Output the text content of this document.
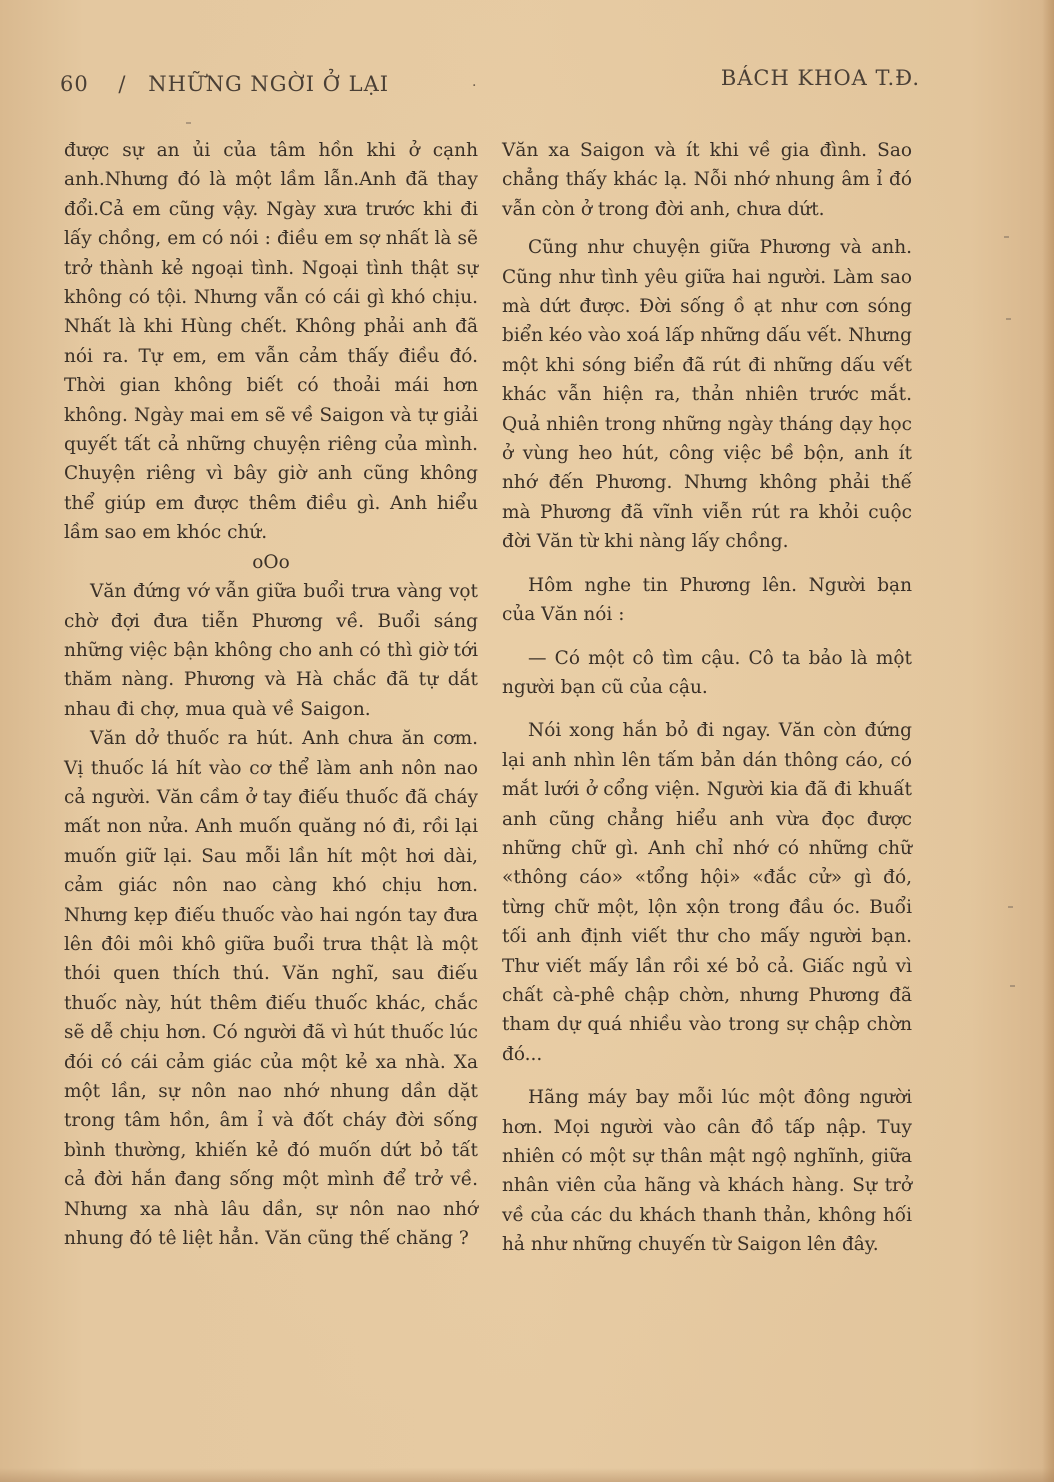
60 / NHỮNG NGỜI Ở LẠI	·	BÁCH KHOA T.Đ.

được sự an ủi của tâm hồn khi ở cạnh anh.Nhưng đó là một lầm lẫn.Anh đã thay đổi.Cả em cũng vậy. Ngày xưa trước khi đi lấy chồng, em có nói : điều em sợ nhất là sẽ trở thành kẻ ngoại tình. Ngoại tình thật sự không có tội. Nhưng vẫn có cái gì khó chịu. Nhất là khi Hùng chết. Không phải anh đã nói ra. Tự em, em vẫn cảm thấy điều đó. Thời gian không biết có thoải mái hơn không. Ngày mai em sẽ về Saigon và tự giải quyết tất cả những chuyện riêng của mình. Chuyện riêng vì bây giờ anh cũng không thể giúp em được thêm điều gì. Anh hiểu lầm sao em khóc chứ.

oOo

Văn đứng vớ vẫn giữa buổi trưa vàng vọt chờ đợi đưa tiễn Phương về. Buổi sáng những việc bận không cho anh có thì giờ tới thăm nàng. Phương và Hà chắc đã tự dắt nhau đi chợ, mua quà về Saigon.

Văn dở thuốc ra hút. Anh chưa ăn cơm. Vị thuốc lá hít vào cơ thể làm anh nôn nao cả người. Văn cầm ở tay điếu thuốc đã cháy mất non nửa. Anh muốn quăng nó đi, rồi lại muốn giữ lại. Sau mỗi lần hít một hơi dài, cảm giác nôn nao càng khó chịu hơn. Nhưng kẹp điếu thuốc vào hai ngón tay đưa lên đôi môi khô giữa buổi trưa thật là một thói quen thích thú. Văn nghĩ, sau điếu thuốc này, hút thêm điếu thuốc khác, chắc sẽ dễ chịu hơn. Có người đã vì hút thuốc lúc đói có cái cảm giác của một kẻ xa nhà. Xa một lần, sự nôn nao nhớ nhung dần dặt trong tâm hồn, âm ỉ và đốt cháy đời sống bình thường, khiến kẻ đó muốn dứt bỏ tất cả đời hắn đang sống một mình để trở về. Nhưng xa nhà lâu dần, sự nôn nao nhớ nhung đó tê liệt hẳn. Văn cũng thế chăng ?

Văn xa Saigon và ít khi về gia đình. Sao chẳng thấy khác lạ. Nỗi nhớ nhung âm ỉ đó vẫn còn ở trong đời anh, chưa dứt.

Cũng như chuyện giữa Phương và anh. Cũng như tình yêu giữa hai người. Làm sao mà dứt được. Đời sống ồ ạt như cơn sóng biển kéo vào xoá lấp những dấu vết. Nhưng một khi sóng biển đã rút đi những dấu vết khác vẫn hiện ra, thản nhiên trước mắt. Quả nhiên trong những ngày tháng dạy học ở vùng heo hút, công việc bề bộn, anh ít nhớ đến Phương. Nhưng không phải thế mà Phương đã vĩnh viễn rút ra khỏi cuộc đời Văn từ khi nàng lấy chồng.

Hôm nghe tin Phương lên. Người bạn của Văn nói :

— Có một cô tìm cậu. Cô ta bảo là một người bạn cũ của cậu.

Nói xong hắn bỏ đi ngay. Văn còn đứng lại anh nhìn lên tấm bản dán thông cáo, có mắt lưới ở cổng viện. Người kia đã đi khuất anh cũng chẳng hiểu anh vừa đọc được những chữ gì. Anh chỉ nhớ có những chữ «thông cáo» «tổng hội» «đắc cử» gì đó, từng chữ một, lộn xộn trong đầu óc. Buổi tối anh định viết thư cho mấy người bạn. Thư viết mấy lần rồi xé bỏ cả. Giấc ngủ vì chất cà-phê chập chờn, nhưng Phương đã tham dự quá nhiều vào trong sự chập chờn đó...

Hãng máy bay mỗi lúc một đông người hơn. Mọi người vào cân đồ tấp nập. Tuy nhiên có một sự thân mật ngộ nghĩnh, giữa nhân viên của hãng và khách hàng. Sự trở về của các du khách thanh thản, không hối hả như những chuyến từ Saigon lên đây.
